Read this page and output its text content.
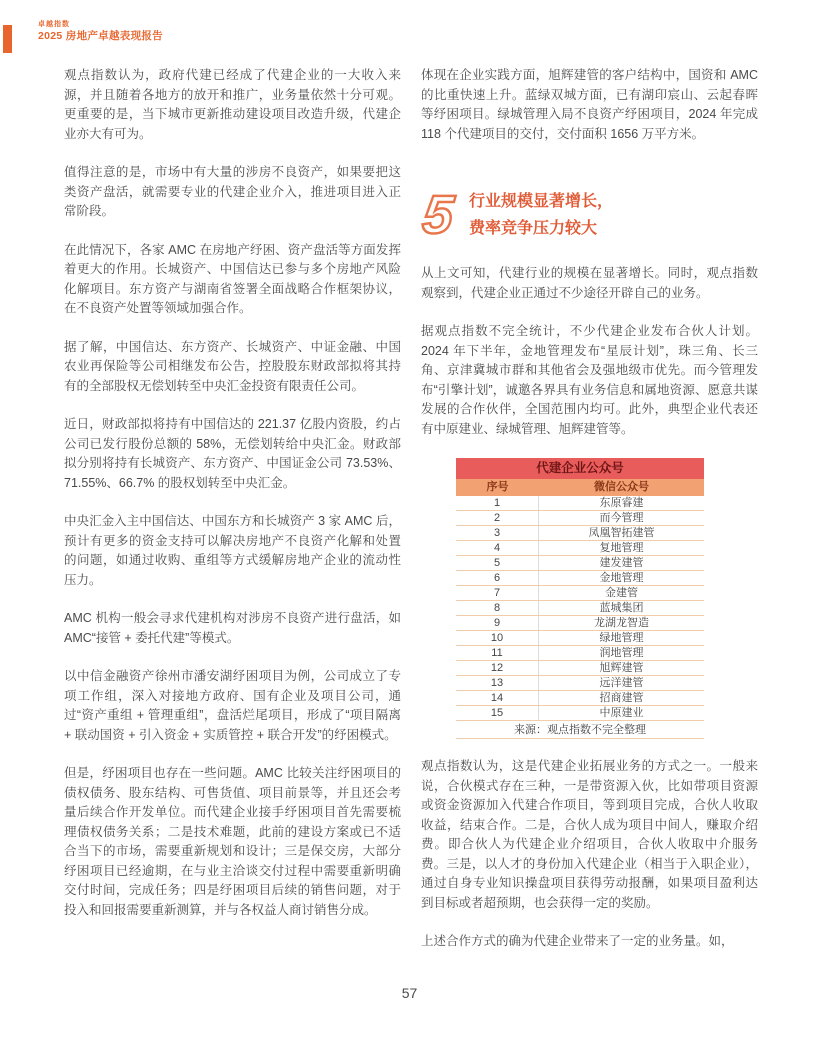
卓越指数
2025 房地产卓越表现报告

观点指数认为，政府代建已经成了代建企业的一大收入来源，并且随着各地方的放开和推广，业务量依然十分可观。更重要的是，当下城市更新推动建设项目改造升级，代建企业亦大有可为。

值得注意的是，市场中有大量的涉房不良资产，如果要把这类资产盘活，就需要专业的代建企业介入，推进项目进入正常阶段。

在此情况下，各家 AMC 在房地产纾困、资产盘活等方面发挥着更大的作用。长城资产、中国信达已参与多个房地产风险化解项目。东方资产与湖南省签署全面战略合作框架协议，在不良资产处置等领域加强合作。

据了解，中国信达、东方资产、长城资产、中证金融、中国农业再保险等公司相继发布公告，控股股东财政部拟将其持有的全部股权无偿划转至中央汇金投资有限责任公司。

近日，财政部拟将持有中国信达的 221.37 亿股内资股，约占公司已发行股份总额的 58%，无偿划转给中央汇金。财政部拟分别将持有长城资产、东方资产、中国证金公司 73.53%、71.55%、66.7% 的股权划转至中央汇金。

中央汇金入主中国信达、中国东方和长城资产 3 家 AMC 后，预计有更多的资金支持可以解决房地产不良资产化解和处置的问题，如通过收购、重组等方式缓解房地产企业的流动性压力。

AMC 机构一般会寻求代建机构对涉房不良资产进行盘活，如 AMC“接管 + 委托代建”等模式。

以中信金融资产徐州市潘安湖纾困项目为例，公司成立了专项工作组，深入对接地方政府、国有企业及项目公司，通过“资产重组 + 管理重组”，盘活烂尾项目，形成了“项目隔离 + 联动国资 + 引入资金 + 实质管控 + 联合开发”的纾困模式。

但是，纾困项目也存在一些问题。AMC 比较关注纾困项目的债权债务、股东结构、可售货值、项目前景等，并且还会考量后续合作开发单位。而代建企业接手纾困项目首先需要梳理债权债务关系；二是技术难题，此前的建设方案或已不适合当下的市场，需要重新规划和设计；三是保交房，大部分纾困项目已经逾期，在与业主洽谈交付过程中需要重新明确交付时间，完成任务；四是纾困项目后续的销售问题，对于投入和回报需要重新测算，并与各权益人商讨销售分成。

体现在企业实践方面，旭辉建管的客户结构中，国资和 AMC 的比重快速上升。蓝绿双城方面，已有湖印宸山、云起春晖等纾困项目。绿城管理入局不良资产纾困项目，2024 年完成 118 个代建项目的交付，交付面积 1656 万平方米。

5 行业规模显著增长，
费率竞争压力较大

从上文可知，代建行业的规模在显著增长。同时，观点指数观察到，代建企业正通过不少途径开辟自己的业务。

据观点指数不完全统计，不少代建企业发布合伙人计划。2024 年下半年，金地管理发布“星辰计划”，珠三角、长三角、京津冀城市群和其他省会及强地级市优先。而今管理发布“引擎计划”，诚邀各界具有业务信息和属地资源、愿意共谋发展的合作伙伴，全国范围内均可。此外，典型企业代表还有中原建业、绿城管理、旭辉建管等。

代建企业公众号
序号	微信公众号
1	东原睿建
2	而今管理
3	凤凰智拓建管
4	复地管理
5	建发建管
6	金地管理
7	金建管
8	蓝城集团
9	龙湖龙智造
10	绿地管理
11	润地管理
12	旭辉建管
13	远洋建管
14	招商建管
15	中原建业
来源：观点指数不完全整理

观点指数认为，这是代建企业拓展业务的方式之一。一般来说，合伙模式存在三种，一是带资源入伙，比如带项目资源或资金资源加入代建合作项目，等到项目完成，合伙人收取收益，结束合作。二是，合伙人成为项目中间人，赚取介绍费。即合伙人为代建企业介绍项目，合伙人收取中介服务费。三是，以人才的身份加入代建企业（相当于入职企业），通过自身专业知识操盘项目获得劳动报酬，如果项目盈利达到目标或者超预期，也会获得一定的奖励。

上述合作方式的确为代建企业带来了一定的业务量。如，

57
